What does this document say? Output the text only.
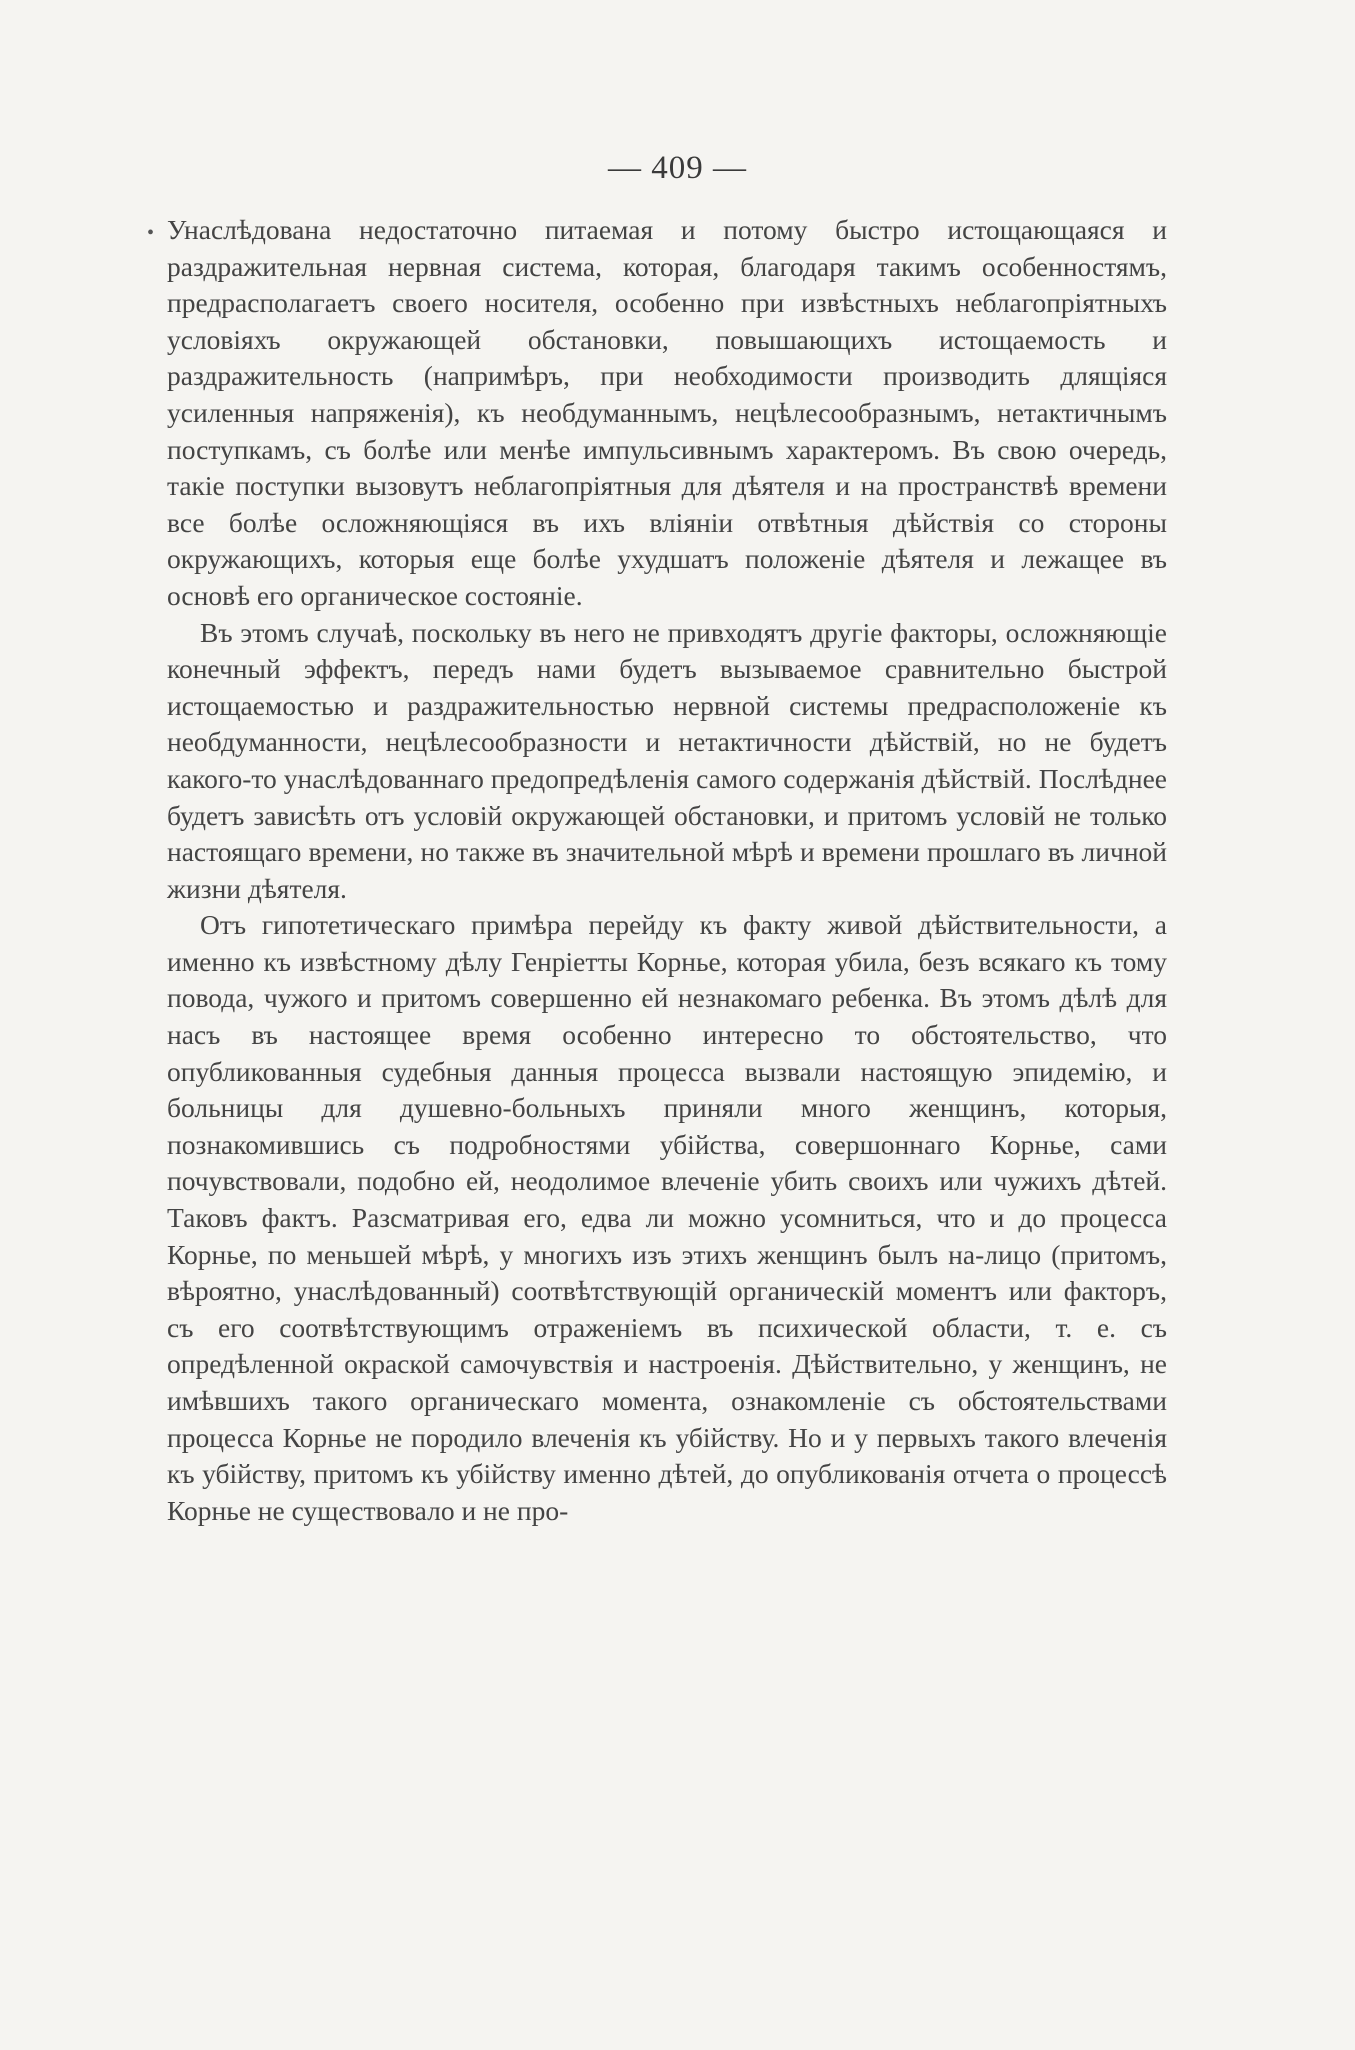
— 409 —
• Унаслѣдована недостаточно питаемая и потому быстро истощающаяся и раздражительная нервная система, которая, благодаря такимъ особенностямъ, предрасполагаетъ своего носителя, особенно при извѣстныхъ неблагопріятныхъ условіяхъ окружающей обстановки, повышающихъ истощаемость и раздражительность (напримѣръ, при необходимости производить длящіяся усиленныя напряженія), къ необдуманнымъ, нецѣлесообразнымъ, нетактичнымъ поступкамъ, съ болѣе или менѣе импульсивнымъ характеромъ. Въ свою очередь, такіе поступки вызовутъ неблагопріятныя для дѣятеля и на пространствѣ времени все болѣе осложняющіяся въ ихъ вліяніи отвѣтныя дѣйствія со стороны окружающихъ, которыя еще болѣе ухудшатъ положеніе дѣятеля и лежащее въ основѣ его органическое состояніе.

Въ этомъ случаѣ, поскольку въ него не привходятъ другіе факторы, осложняющіе конечный эффектъ, передъ нами будетъ вызываемое сравнительно быстрой истощаемостью и раздражительностью нервной системы предрасположеніе къ необдуманности, нецѣлесообразности и нетактичности дѣйствій, но не будетъ какого-то унаслѣдованнаго предопредѣленія самого содержанія дѣйствій. Послѣднее будетъ зависѣть отъ условій окружающей обстановки, и притомъ условій не только настоящаго времени, но также въ значительной мѣрѣ и времени прошлаго въ личной жизни дѣятеля.

Отъ гипотетическаго примѣра перейду къ факту живой дѣйствительности, а именно къ извѣстному дѣлу Генріетты Корнье, которая убила, безъ всякаго къ тому повода, чужого и притомъ совершенно ей незнакомаго ребенка. Въ этомъ дѣлѣ для насъ въ настоящее время особенно интересно то обстоятельство, что опубликованныя судебныя данныя процесса вызвали настоящую эпидемію, и больницы для душевно-больныхъ приняли много женщинъ, которыя, познакомившись съ подробностями убійства, совершоннаго Корнье, сами почувствовали, подобно ей, неодолимое влеченіе убить своихъ или чужихъ дѣтей. Таковъ фактъ. Разсматривая его, едва ли можно усомниться, что и до процесса Корнье, по меньшей мѣрѣ, у многихъ изъ этихъ женщинъ былъ на-лицо (притомъ, вѣроятно, унаслѣдованный) соотвѣтствующій органическій моментъ или факторъ, съ его соотвѣтствующимъ отраженіемъ въ психической области, т. е. съ опредѣленной окраской самочувствія и настроенія. Дѣйствительно, у женщинъ, не имѣвшихъ такого органическаго момента, ознакомленіе съ обстоятельствами процесса Корнье не породило влеченія къ убійству. Но и у первыхъ такого влеченія къ убійству, притомъ къ убійству именно дѣтей, до опубликованія отчета о процессѣ Корнье не существовало и не про-
